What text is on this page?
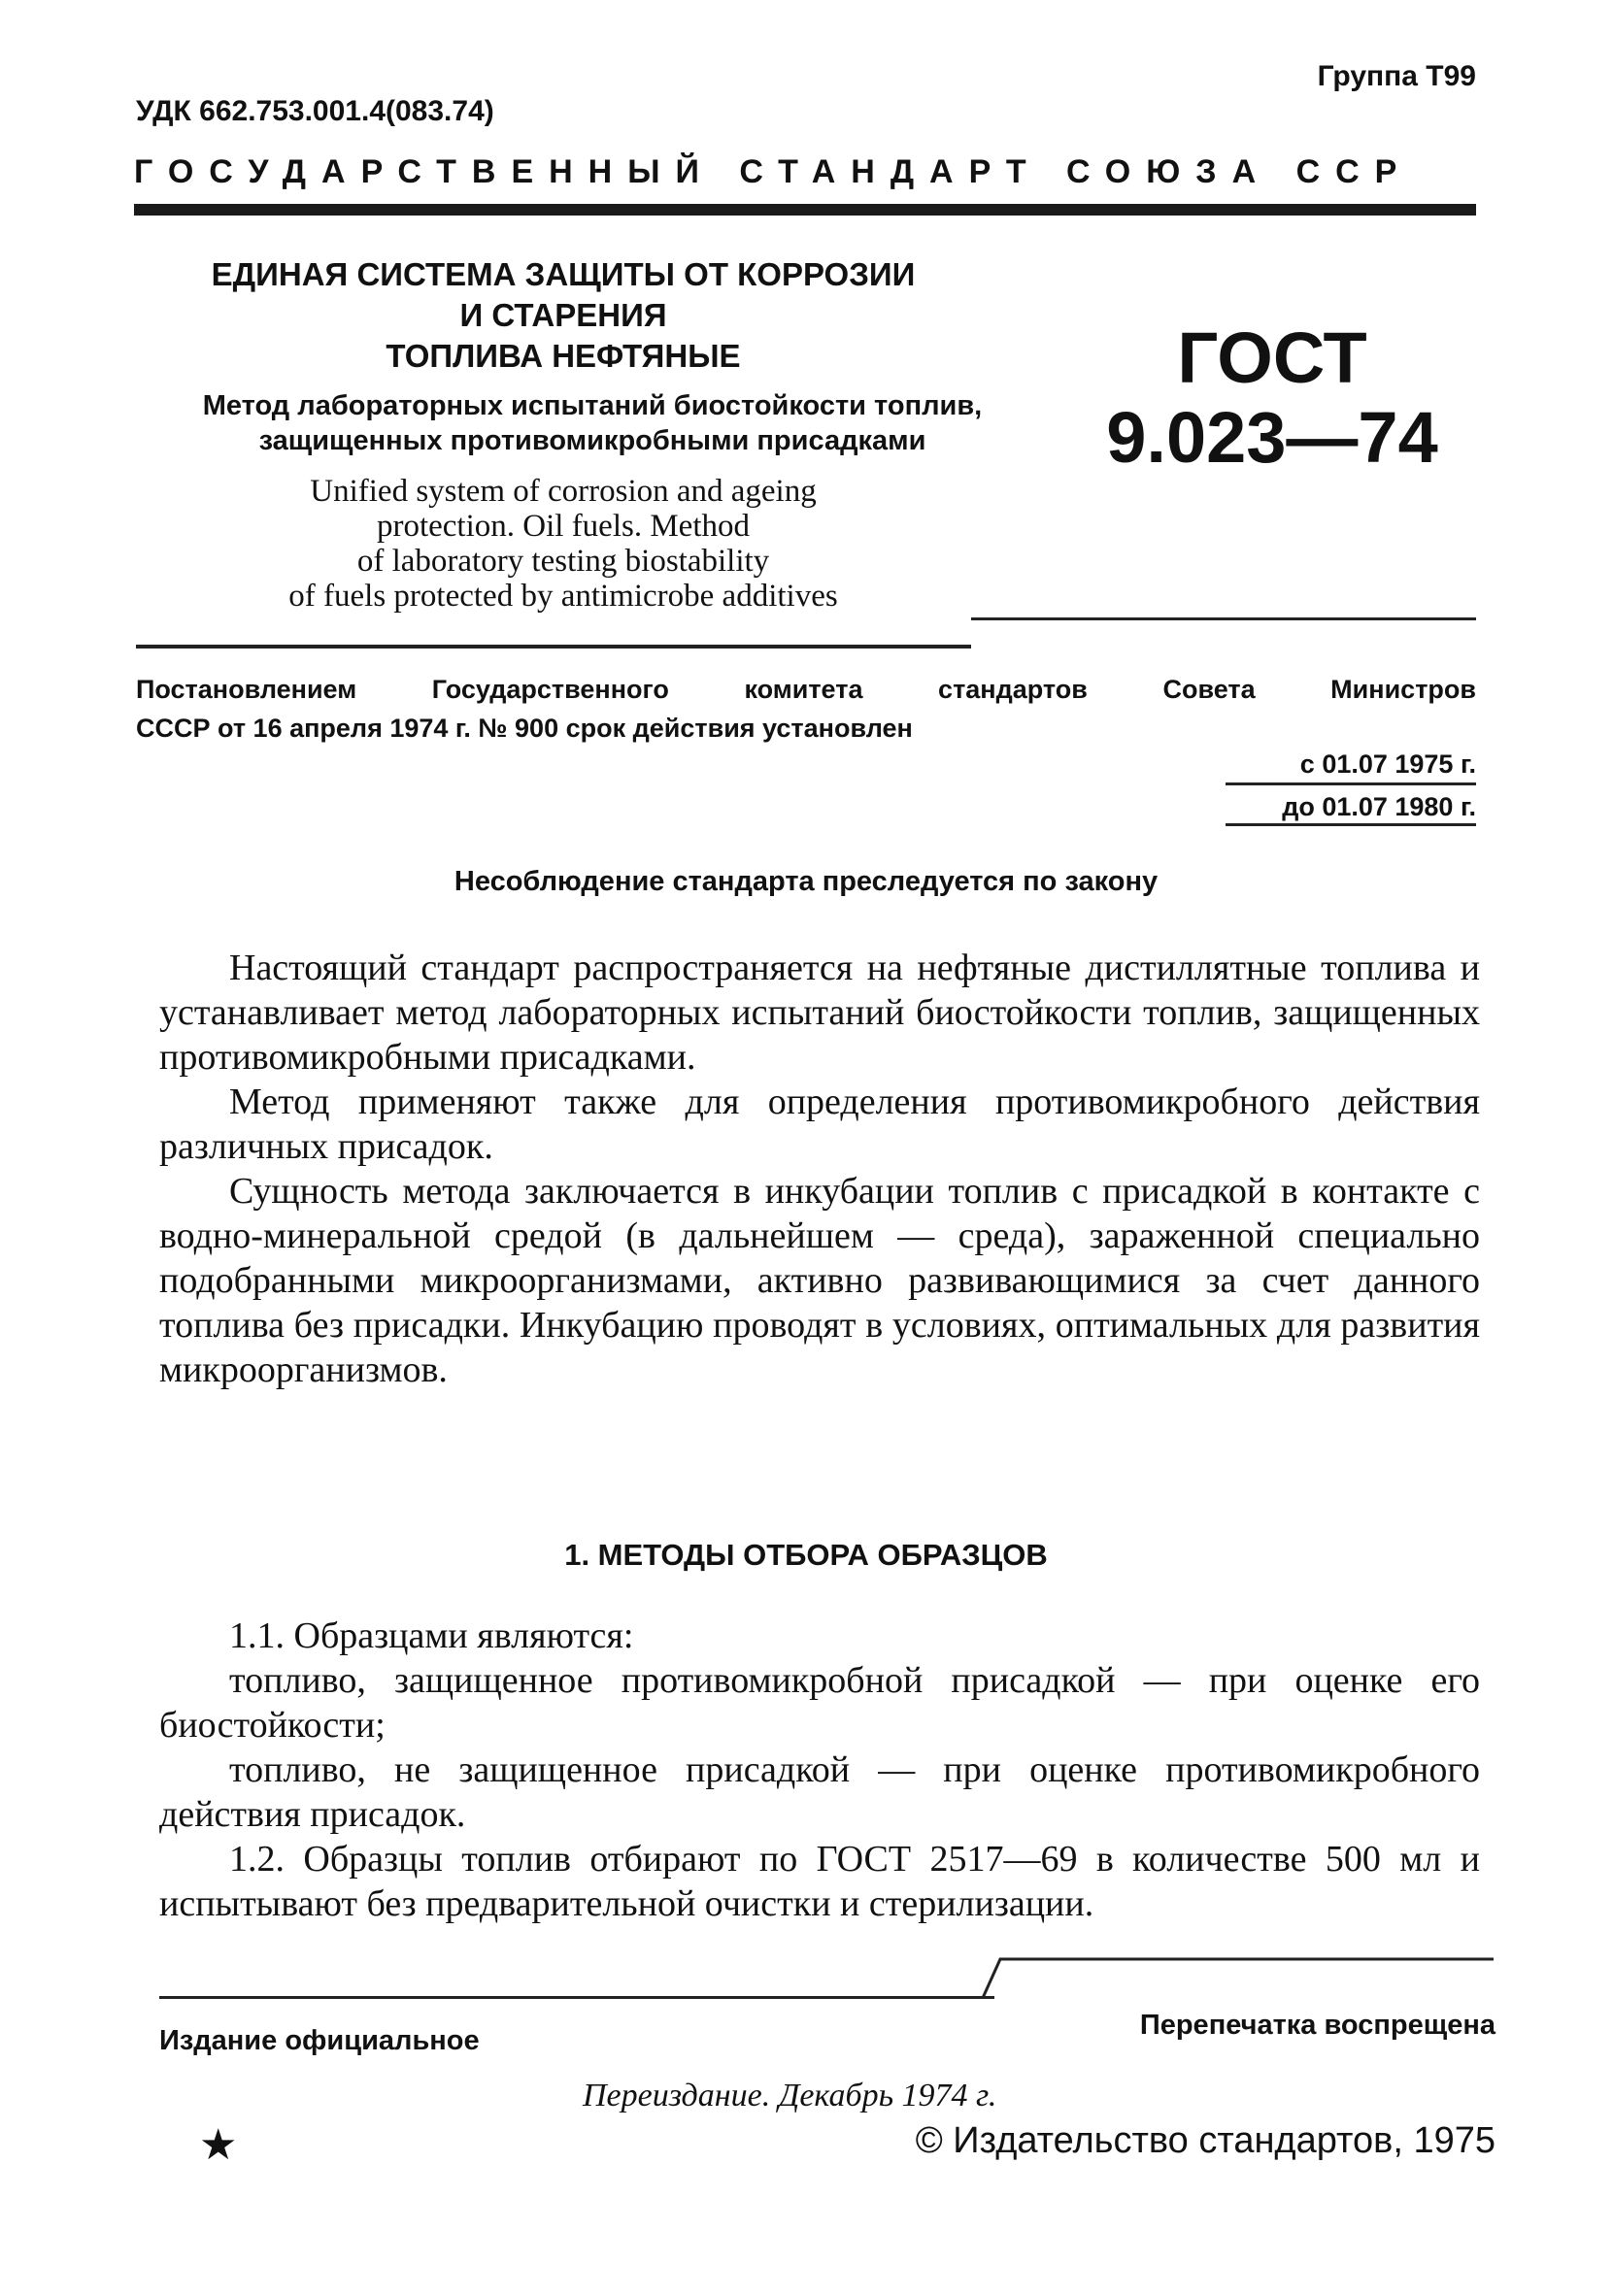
Группа Т99
УДК 662.753.001.4(083.74)
ГОСУДАРСТВЕННЫЙ СТАНДАРТ СОЮЗА ССР
ЕДИНАЯ СИСТЕМА ЗАЩИТЫ ОТ КОРРОЗИИ
И СТАРЕНИЯ
ТОПЛИВА НЕФТЯНЫЕ
Метод лабораторных испытаний биостойкости топлив,
защищенных противомикробными присадками
Unified system of corrosion and ageing
protection. Oil fuels. Method
of laboratory testing biostability
of fuels protected by antimicrobe additives
ГОСТ
9.023—74
Постановлением Государственного комитета стандартов Совета Министров
СССР от 16 апреля 1974 г. № 900 срок действия установлен
с 01.07 1975 г.
до 01.07 1980 г.
Несоблюдение стандарта преследуется по закону

Настоящий стандарт распространяется на нефтяные дистиллятные топлива и устанавливает метод лабораторных испытаний биостойкости топлив, защищенных противомикробными присадками.

Метод применяют также для определения противомикробного действия различных присадок.

Сущность метода заключается в инкубации топлив с присадкой в контакте с водно-минеральной средой (в дальнейшем — среда), зараженной специально подобранными микроорганизмами, активно развивающимися за счет данного топлива без присадки. Инкубацию проводят в условиях, оптимальных для развития микроорганизмов.

1. МЕТОДЫ ОТБОРА ОБРАЗЦОВ

1.1. Образцами являются:

топливо, защищенное противомикробной присадкой — при оценке его биостойкости;

топливо, не защищенное присадкой — при оценке противомикробного действия присадок.

1.2. Образцы топлив отбирают по ГОСТ 2517—69 в количестве 500 мл и испытывают без предварительной очистки и стерилизации.

Издание официальное	Перепечатка воспрещена
Переиздание. Декабрь 1974 г.
★	© Издательство стандартов, 1975
